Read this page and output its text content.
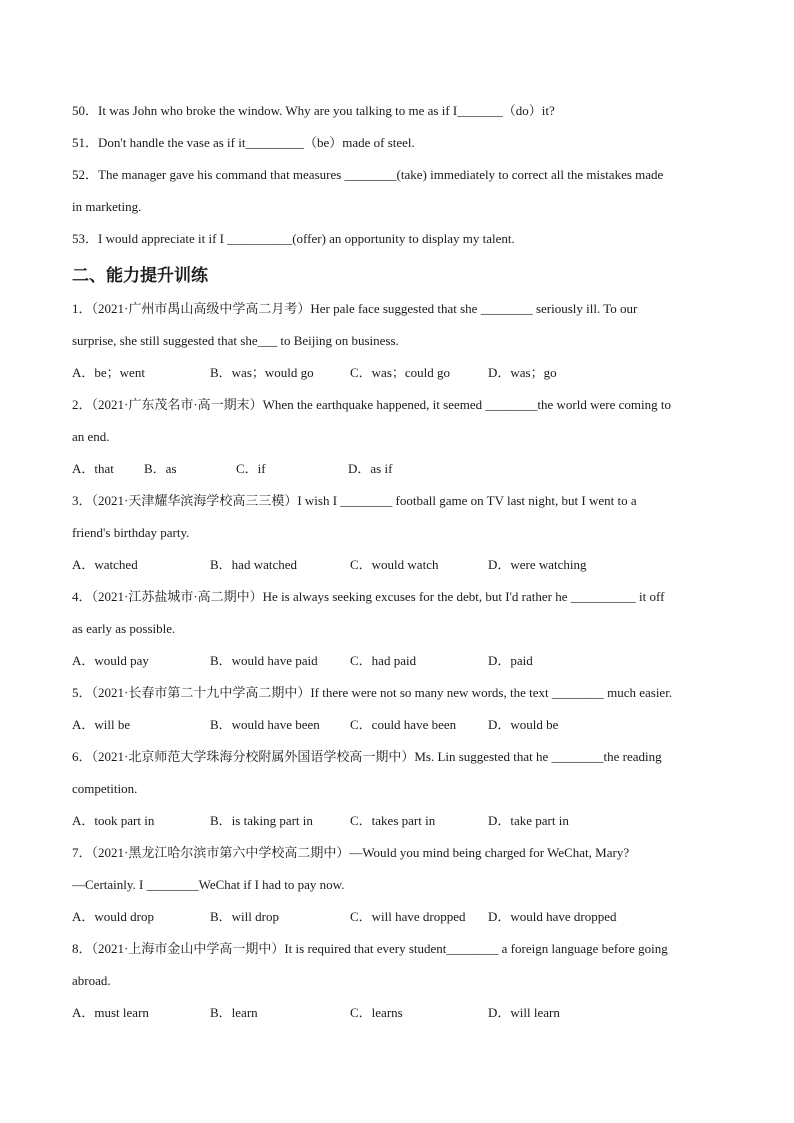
50．It was John who broke the window. Why are you talking to me as if I_______（do）it?
51．Don't handle the vase as if it_________（be）made of steel.
52．The manager gave his command that measures ________(take) immediately to correct all the mistakes made
in marketing.
53．I would appreciate it if I __________(offer) an opportunity to display my talent.
二、能力提升训练
1．（2021·广州市禺山高级中学高二月考）Her pale face suggested that she ________ seriously ill. To our
surprise, she still suggested that she___ to Beijing on business.
A．be；went	B．was；would go	C．was；could go	D．was；go
2．（2021·广东茂名市·高一期末）When the earthquake happened, it seemed ________the world were coming to
an end.
A．that	B．as	C．if	D．as if
3．（2021·天津耀华滨海学校高三三模）I wish I ________ football game on TV last night, but I went to a
friend's birthday party.
A．watched	B．had watched	C．would watch	D．were watching
4．（2021·江苏盐城市·高二期中）He is always seeking excuses for the debt, but I'd rather he __________ it off
as early as possible.
A．would pay	B．would have paid	C．had paid	D．paid
5．（2021·长春市第二十九中学高二期中）If there were not so many new words, the text ________ much easier.
A．will be	B．would have been	C．could have been	D．would be
6．（2021·北京师范大学珠海分校附属外国语学校高一期中）Ms. Lin suggested that he ________the reading
competition.
A．took part in	B．is taking part in	C．takes part in	D．take part in
7．（2021·黑龙江哈尔滨市第六中学校高二期中）—Would you mind being charged for WeChat, Mary?
—Certainly. I ________WeChat if I had to pay now.
A．would drop	B．will drop	C．will have dropped	D．would have dropped
8．（2021·上海市金山中学高一期中）It is required that every student________ a foreign language before going
abroad.
A．must learn	B．learn	C．learns	D．will learn
